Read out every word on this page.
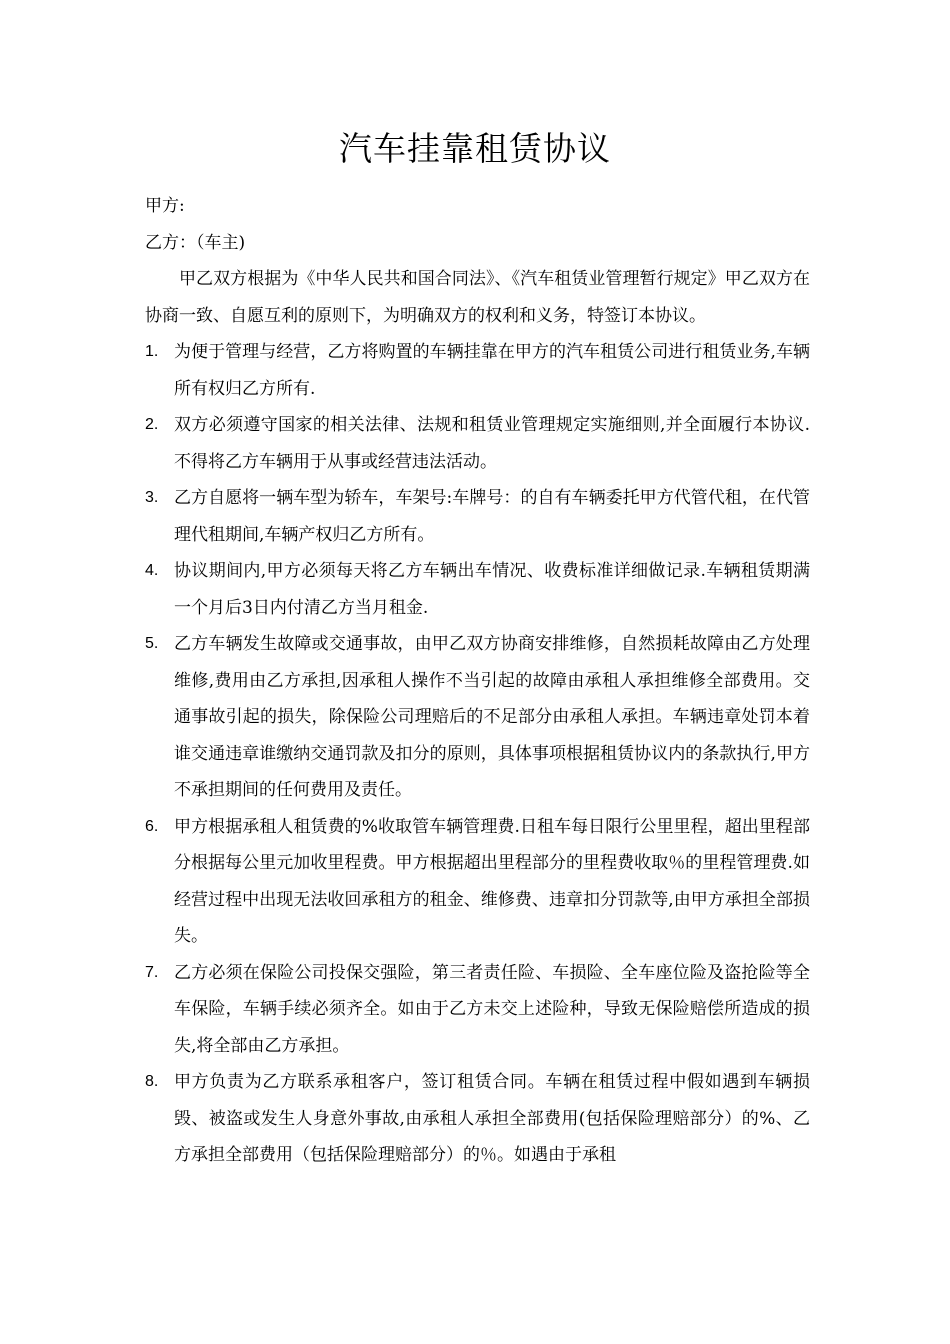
汽车挂靠租赁协议

甲方:

乙方：（车主)

甲乙双方根据为《中华人民共和国合同法》、《汽车租赁业管理暂行规定》甲乙双方在协商一致、自愿互利的原则下，为明确双方的权利和义务，特签订本协议。

1. 为便于管理与经营，乙方将购置的车辆挂靠在甲方的汽车租赁公司进行租赁业务,车辆所有权归乙方所有.
2. 双方必须遵守国家的相关法律、法规和租赁业管理规定实施细则,并全面履行本协议.不得将乙方车辆用于从事或经营违法活动。
3. 乙方自愿将一辆车型为轿车，车架号:车牌号：的自有车辆委托甲方代管代租，在代管理代租期间,车辆产权归乙方所有。
4. 协议期间内,甲方必须每天将乙方车辆出车情况、收费标准详细做记录.车辆租赁期满一个月后3日内付清乙方当月租金.
5. 乙方车辆发生故障或交通事故，由甲乙双方协商安排维修，自然损耗故障由乙方处理维修,费用由乙方承担,因承租人操作不当引起的故障由承租人承担维修全部费用。交通事故引起的损失，除保险公司理赔后的不足部分由承租人承担。车辆违章处罚本着谁交通违章谁缴纳交通罚款及扣分的原则，具体事项根据租赁协议内的条款执行,甲方不承担期间的任何费用及责任。
6. 甲方根据承租人租赁费的%收取管车辆管理费.日租车每日限行公里里程，超出里程部分根据每公里元加收里程费。甲方根据超出里程部分的里程费收取％的里程管理费.如经营过程中出现无法收回承租方的租金、维修费、违章扣分罚款等,由甲方承担全部损失。
7. 乙方必须在保险公司投保交强险，第三者责任险、车损险、全车座位险及盗抢险等全车保险，车辆手续必须齐全。如由于乙方未交上述险种，导致无保险赔偿所造成的损失,将全部由乙方承担。
8. 甲方负责为乙方联系承租客户，签订租赁合同。车辆在租赁过程中假如遇到车辆损毁、被盗或发生人身意外事故,由承租人承担全部费用(包括保险理赔部分）的%、乙方承担全部费用（包括保险理赔部分）的％。如遇由于承租
